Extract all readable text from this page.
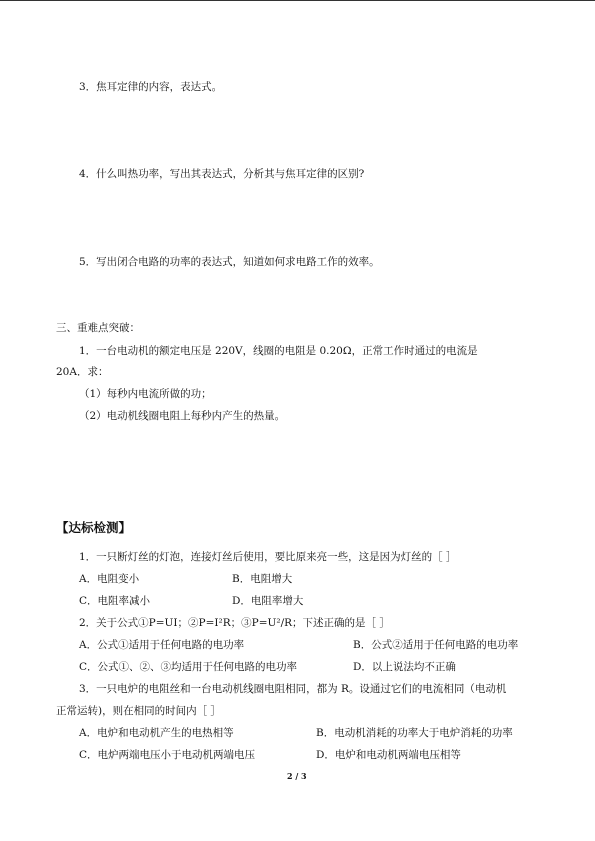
3．焦耳定律的内容，表达式。
4．什么叫热功率，写出其表达式，分析其与焦耳定律的区别?
5．写出闭合电路的功率的表达式，知道如何求电路工作的效率。
三、重难点突破：
1．一台电动机的额定电压是 220V，线圈的电阻是 0.20Ω，正常工作时通过的电流是
20A．求：
（1）每秒内电流所做的功；
（2）电动机线圈电阻上每秒内产生的热量。
【达标检测】
1．一只断灯丝的灯泡，连接灯丝后使用，要比原来亮一些，这是因为灯丝的［ ］
A．电阻变小	B．电阻增大
C．电阻率减小	D．电阻率增大
2．关于公式①P=UI；②P=I²R；③P=U²/R；下述正确的是［ ］
A．公式①适用于任何电路的电功率	B．公式②适用于任何电路的电功率
C．公式①、②、③均适用于任何电路的电功率	D．以上说法均不正确
3．一只电炉的电阻丝和一台电动机线圈电阻相同，都为 R。设通过它们的电流相同（电动机
正常运转)，则在相同的时间内［ ］
A．电炉和电动机产生的电热相等	B．电动机消耗的功率大于电炉消耗的功率
C．电炉两端电压小于电动机两端电压	D．电炉和电动机两端电压相等
2 / 3
